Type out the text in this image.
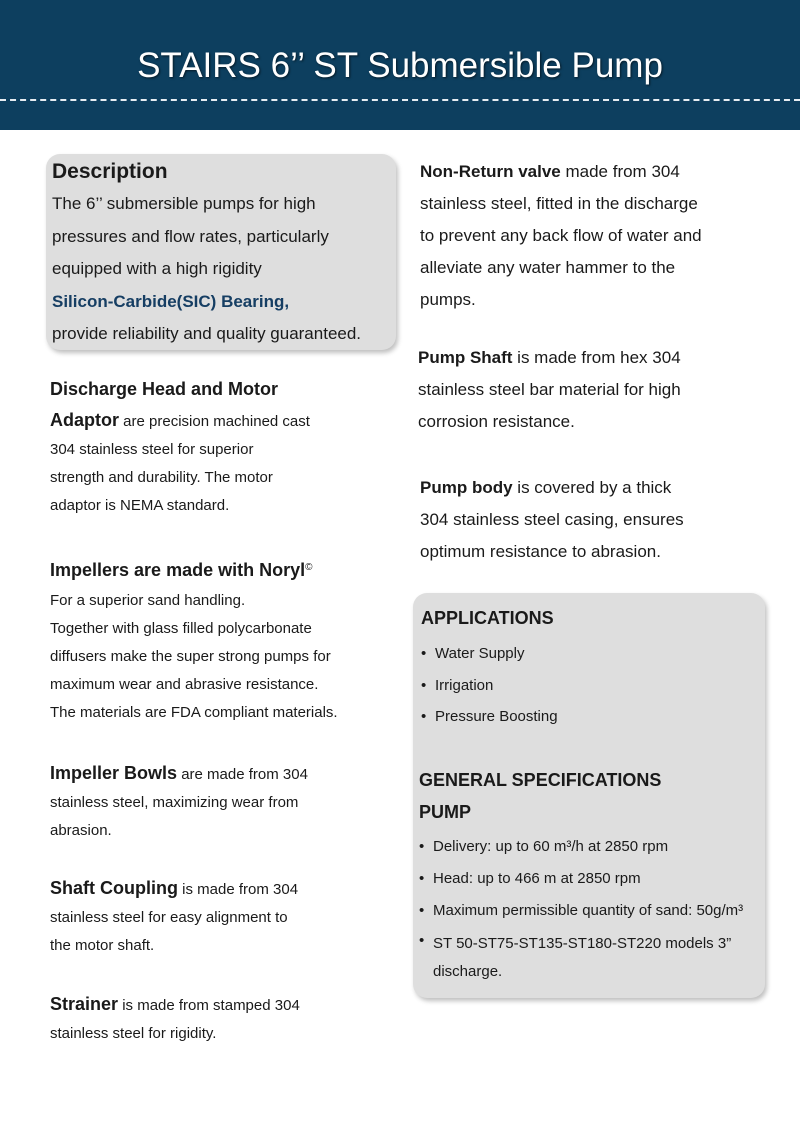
STAIRS 6’’ ST Submersible Pump
Description
The 6’’ submersible pumps for high
pressures and flow rates, particularly
equipped with a high rigidity
Silicon-Carbide(SIC) Bearing,
provide reliability and quality guaranteed.
Discharge Head and Motor
Adaptor are precision machined cast
304 stainless steel for superior
strength and durability. The motor
adaptor is NEMA standard.
Impellers are made with Noryl©
For a superior sand handling.
Together with glass filled polycarbonate
diffusers make the super strong pumps for
maximum wear and abrasive resistance.
The materials are FDA compliant materials.
Impeller Bowls are made from 304
stainless steel, maximizing wear from
abrasion.
Shaft Coupling is made from 304
stainless steel for easy alignment to
the motor shaft.
Strainer is made from stamped 304
stainless steel for rigidity.
Non-Return valve made from 304
stainless steel, fitted in the discharge
to prevent any back flow of water and
alleviate any water hammer to the
pumps.
Pump Shaft is made from hex 304
stainless steel bar material for high
corrosion resistance.
Pump body is covered by a thick
304 stainless steel casing, ensures
optimum resistance to abrasion.
APPLICATIONS
• Water Supply
• Irrigation
• Pressure Boosting
GENERAL SPECIFICATIONS
PUMP
• Delivery: up to 60 m³/h at 2850 rpm
• Head: up to 466 m at 2850 rpm
• Maximum permissible quantity of sand: 50g/m³
• ST 50-ST75-ST135-ST180-ST220 models 3”
discharge.
